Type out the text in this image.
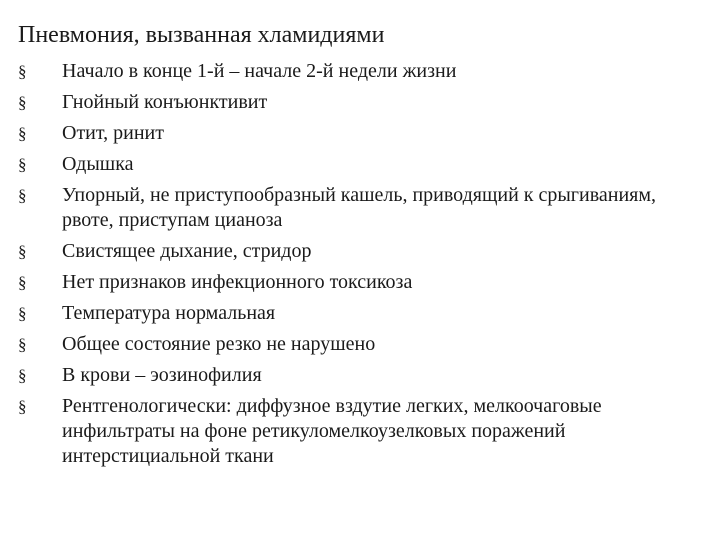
Пневмония, вызванная хламидиями
§	Начало в конце 1-й – начале 2-й недели жизни
§	Гнойный конъюнктивит
§	Отит, ринит
§	Одышка
§	Упорный, не приступообразный кашель, приводящий к срыгиваниям, рвоте, приступам цианоза
§	Свистящее дыхание, стридор
§	Нет признаков инфекционного токсикоза
§	Температура нормальная
§	Общее состояние резко не нарушено
§	В крови – эозинофилия
§	Рентгенологически: диффузное вздутие легких, мелкоочаговые инфильтраты на фоне ретикуломелкоузелковых поражений интерстициальной ткани
